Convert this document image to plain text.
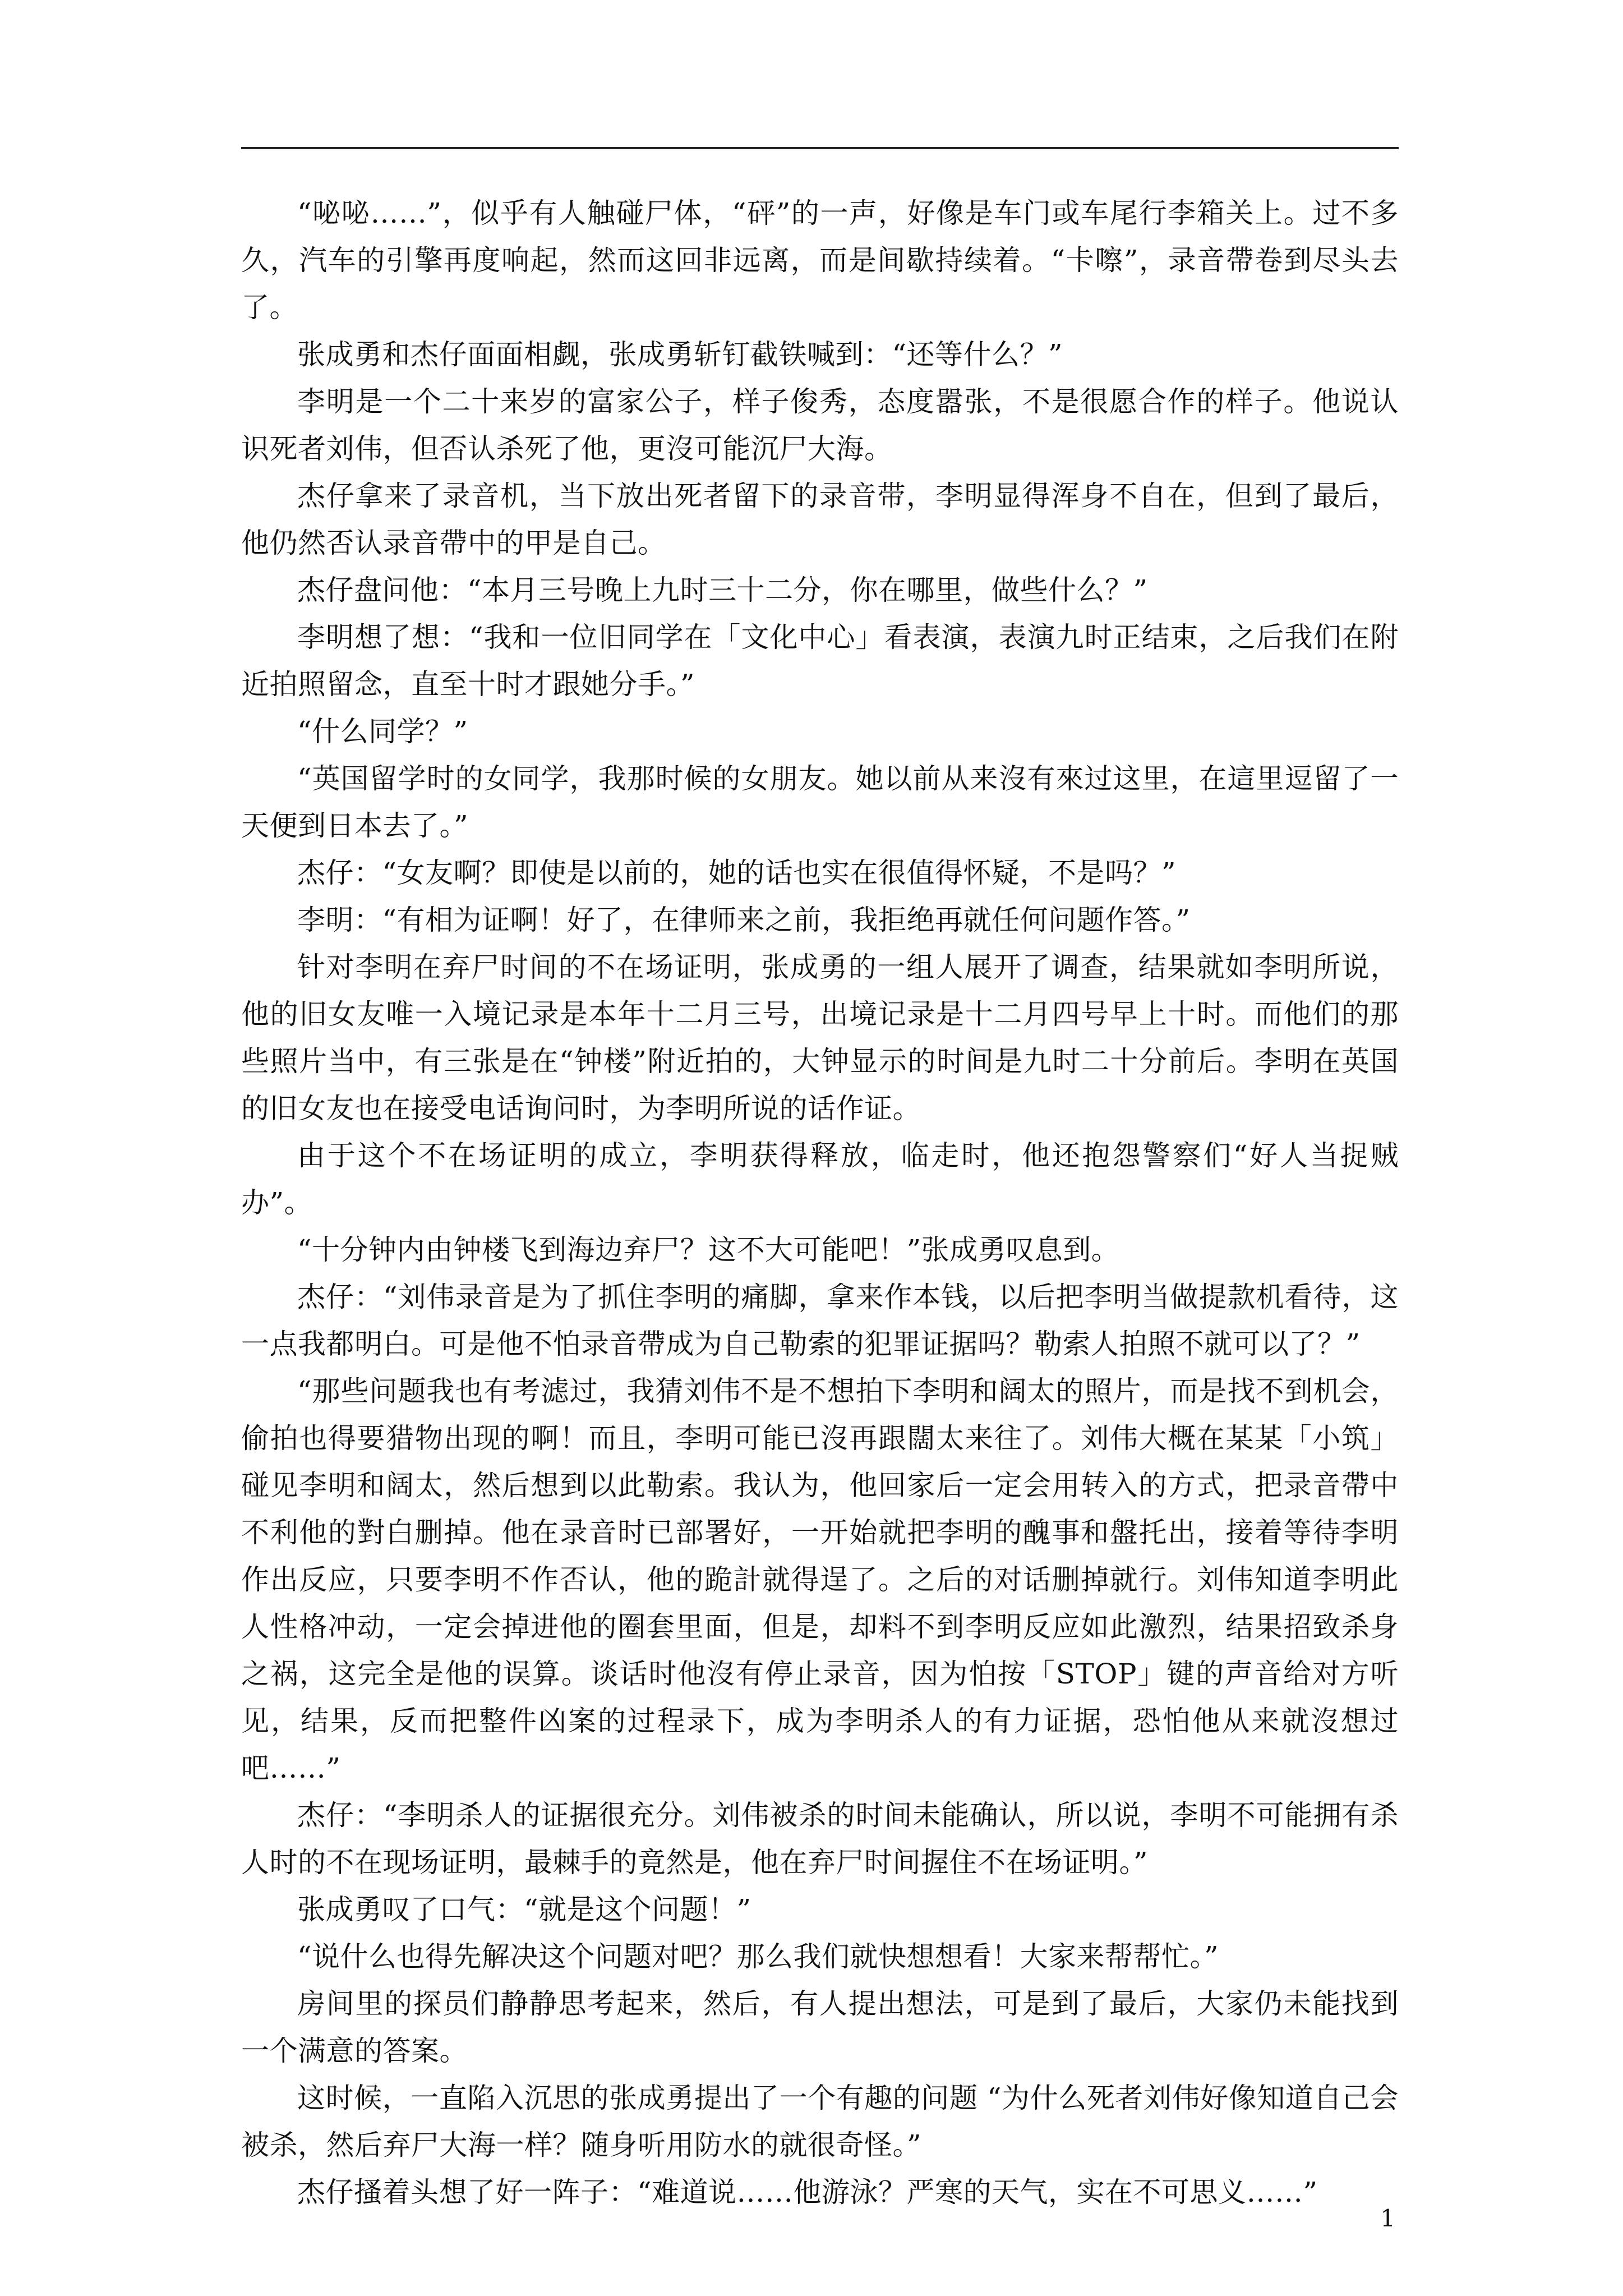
“咇咇……”，似乎有人触碰尸体，“砰”的一声，好像是车门或车尾行李箱关上。过不多久，汽车的引擎再度响起，然而这回非远离，而是间歇持续着。“卡嚓”，录音帶卷到尽头去了。

张成勇和杰仔面面相觑，张成勇斩钉截铁喊到：“还等什么？”

李明是一个二十来岁的富家公子，样子俊秀，态度嚣张，不是很愿合作的样子。他说认识死者刘伟，但否认杀死了他，更沒可能沉尸大海。

杰仔拿来了录音机，当下放出死者留下的录音带，李明显得浑身不自在，但到了最后，他仍然否认录音帶中的甲是自己。

杰仔盘问他：“本月三号晚上九时三十二分，你在哪里，做些什么？”

李明想了想：“我和一位旧同学在「文化中心」看表演，表演九时正结束，之后我们在附近拍照留念，直至十时才跟她分手。”

“什么同学？”

“英国留学时的女同学，我那时候的女朋友。她以前从来沒有來过这里，在這里逗留了一天便到日本去了。”

杰仔：“女友啊？即使是以前的，她的话也实在很值得怀疑，不是吗？”

李明：“有相为证啊！好了，在律师来之前，我拒绝再就任何问题作答。”

针对李明在弃尸时间的不在场证明，张成勇的一组人展开了调查，结果就如李明所说，他的旧女友唯一入境记录是本年十二月三号，出境记录是十二月四号早上十时。而他们的那些照片当中，有三张是在“钟楼”附近拍的，大钟显示的时间是九时二十分前后。李明在英国的旧女友也在接受电话询问时，为李明所说的话作证。

由于这个不在场证明的成立，李明获得释放，临走时，他还抱怨警察们“好人当捉贼办”。

“十分钟内由钟楼飞到海边弃尸？这不大可能吧！”张成勇叹息到。

杰仔：“刘伟录音是为了抓住李明的痛脚，拿来作本钱，以后把李明当做提款机看待，这一点我都明白。可是他不怕录音帶成为自己勒索的犯罪证据吗？勒索人拍照不就可以了？”

“那些问题我也有考滤过，我猜刘伟不是不想拍下李明和阔太的照片，而是找不到机会，偷拍也得要猎物出现的啊！而且，李明可能已沒再跟闊太来往了。刘伟大概在某某「小筑」碰见李明和阔太，然后想到以此勒索。我认为，他回家后一定会用转入的方式，把录音帶中不利他的對白删掉。他在录音时已部署好，一开始就把李明的醜事和盤托出，接着等待李明作出反应，只要李明不作否认，他的跪計就得逞了。之后的对话删掉就行。刘伟知道李明此人性格冲动，一定会掉进他的圈套里面，但是，却料不到李明反应如此激烈，结果招致杀身之祸，这完全是他的误算。谈话时他沒有停止录音，因为怕按「STOP」键的声音给对方听见，结果，反而把整件凶案的过程录下，成为李明杀人的有力证据，恐怕他从来就沒想过吧……”

杰仔：“李明杀人的证据很充分。刘伟被杀的时间未能确认，所以说，李明不可能拥有杀人时的不在现场证明，最棘手的竟然是，他在弃尸时间握住不在场证明。”

张成勇叹了口气：“就是这个问题！”

“说什么也得先解决这个问题对吧？那么我们就快想想看！大家来帮帮忙。”

房间里的探员们静静思考起来，然后，有人提出想法，可是到了最后，大家仍未能找到一个满意的答案。

这时候，一直陷入沉思的张成勇提出了一个有趣的问题 “为什么死者刘伟好像知道自己会被杀，然后弃尸大海一样？随身听用防水的就很奇怪。”

杰仔搔着头想了好一阵子：“难道说……他游泳？严寒的天气，实在不可思义……”

1
